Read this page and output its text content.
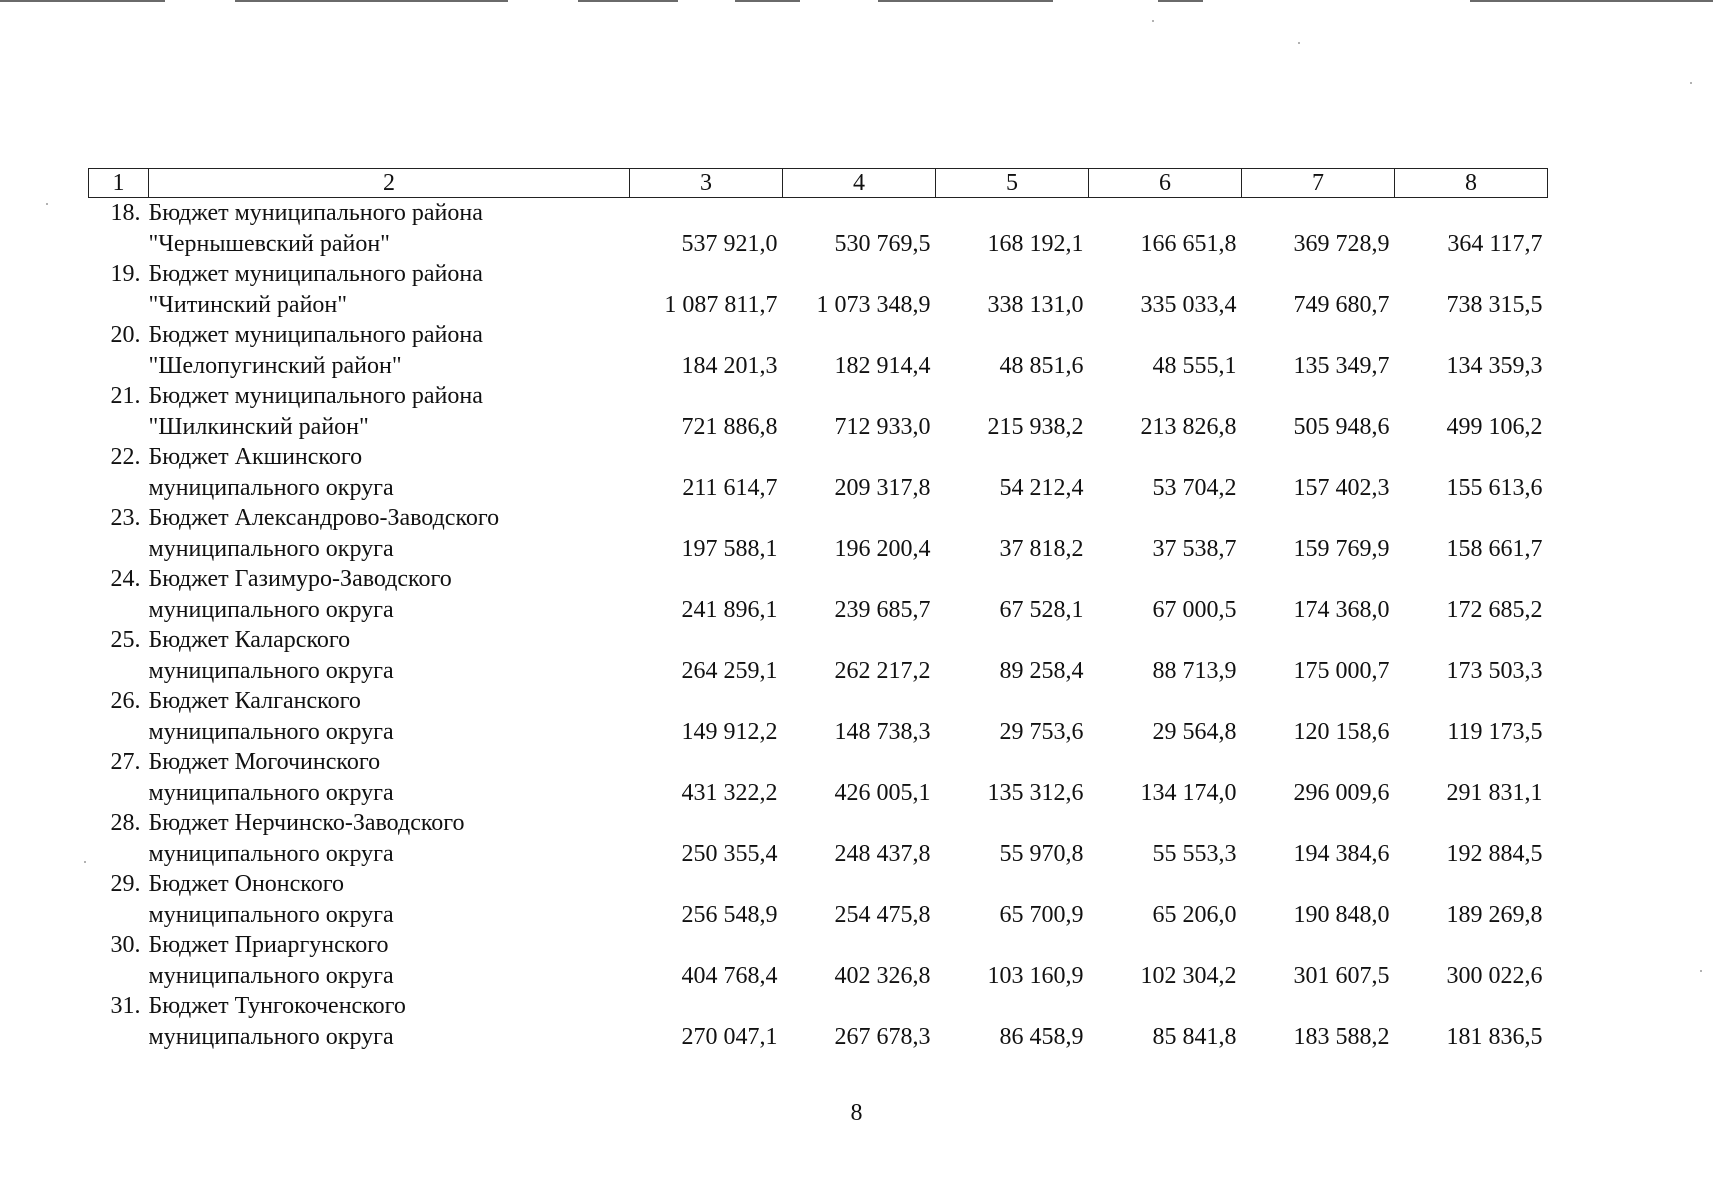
1	2	3	4	5	6	7	8
18.	Бюджет муниципального района						
	"Чернышевский район"	537 921,0	530 769,5	168 192,1	166 651,8	369 728,9	364 117,7
19.	Бюджет муниципального района						
	"Читинский район"	1 087 811,7	1 073 348,9	338 131,0	335 033,4	749 680,7	738 315,5
20.	Бюджет муниципального района						
	"Шелопугинский район"	184 201,3	182 914,4	48 851,6	48 555,1	135 349,7	134 359,3
21.	Бюджет муниципального района						
	"Шилкинский район"	721 886,8	712 933,0	215 938,2	213 826,8	505 948,6	499 106,2
22.	Бюджет Акшинского						
	муниципального округа	211 614,7	209 317,8	54 212,4	53 704,2	157 402,3	155 613,6
23.	Бюджет Александрово-Заводского						
	муниципального округа	197 588,1	196 200,4	37 818,2	37 538,7	159 769,9	158 661,7
24.	Бюджет Газимуро-Заводского						
	муниципального округа	241 896,1	239 685,7	67 528,1	67 000,5	174 368,0	172 685,2
25.	Бюджет Каларского						
	муниципального округа	264 259,1	262 217,2	89 258,4	88 713,9	175 000,7	173 503,3
26.	Бюджет Калганского						
	муниципального округа	149 912,2	148 738,3	29 753,6	29 564,8	120 158,6	119 173,5
27.	Бюджет Могочинского						
	муниципального округа	431 322,2	426 005,1	135 312,6	134 174,0	296 009,6	291 831,1
28.	Бюджет Нерчинско-Заводского						
	муниципального округа	250 355,4	248 437,8	55 970,8	55 553,3	194 384,6	192 884,5
29.	Бюджет Ононского						
	муниципального округа	256 548,9	254 475,8	65 700,9	65 206,0	190 848,0	189 269,8
30.	Бюджет Приаргунского						
	муниципального округа	404 768,4	402 326,8	103 160,9	102 304,2	301 607,5	300 022,6
31.	Бюджет Тунгокоченского						
	муниципального округа	270 047,1	267 678,3	86 458,9	85 841,8	183 588,2	181 836,5
8
